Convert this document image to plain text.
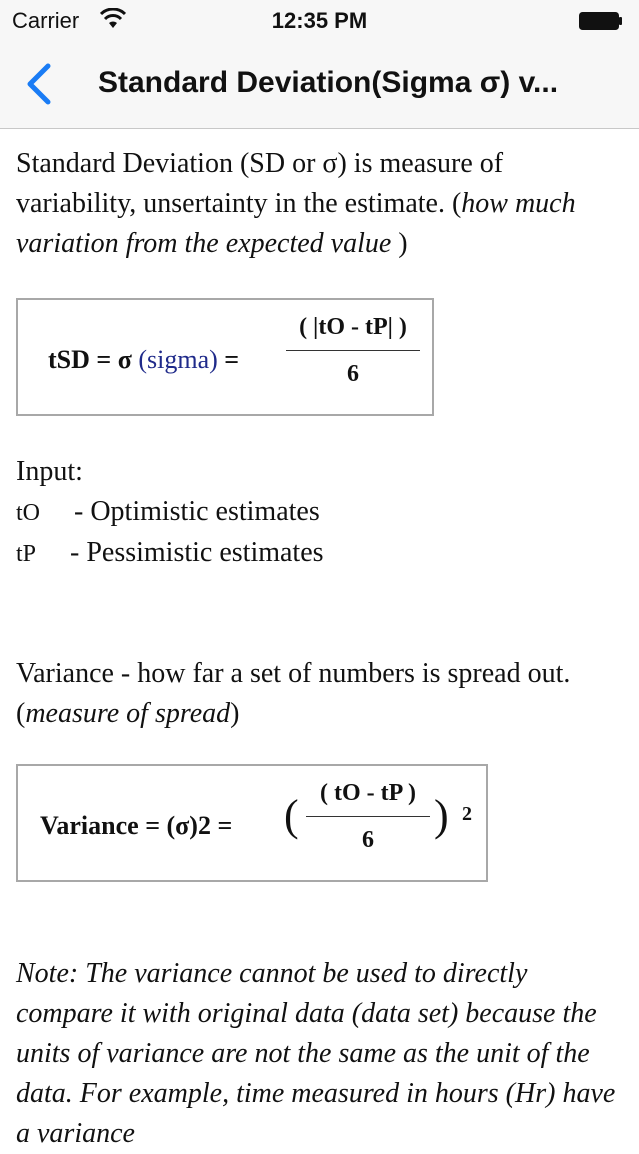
Carrier	12:35 PM
Standard Deviation(Sigma σ) v...

Standard Deviation (SD or σ) is measure of variability, unsertainty in the estimate. (how much variation from the expected value )

tSD = σ (sigma) =
( |tO - tP| )
6

Input:

tO - Optimistic estimates

tP - Pessimistic estimates

Variance - how far a set of numbers is spread out.(measure of spread)

Variance = (σ)2 = ( ( tO - tP )
6	) 2

Note: The variance cannot be used to directly compare it with original data (data set) because the units of variance are not the same as the unit of the data. For example, time measured in hours (Hr) have a variance
